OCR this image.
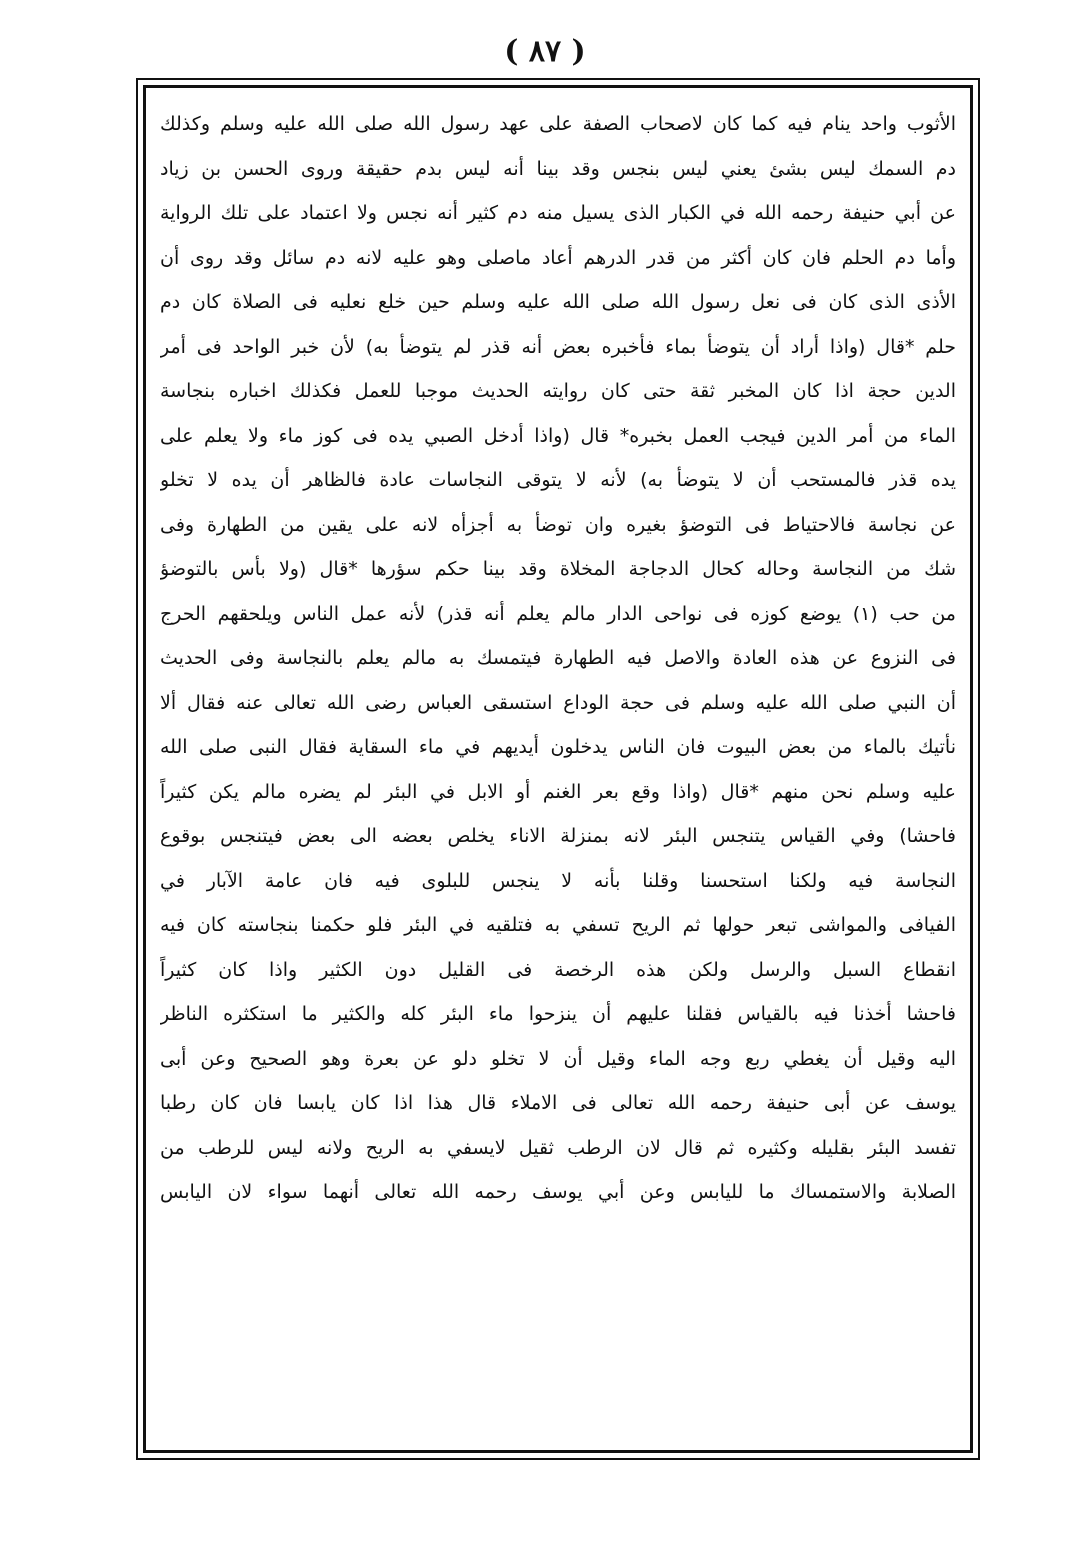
( ٨٧ )
الأثوب واحد ينام فيه كما كان لاصحاب الصفة على عهد رسول الله صلى الله عليه وسلم وكذلك
دم السمك ليس بشئ يعني ليس بنجس وقد بينا أنه ليس بدم حقيقة وروى الحسن بن زياد
عن أبي حنيفة رحمه الله في الكبار الذى يسيل منه دم كثير أنه نجس ولا اعتماد على تلك الرواية
وأما دم الحلم فان كان أكثر من قدر الدرهم أعاد ماصلى وهو عليه لانه دم سائل وقد روى أن
الأذى الذى كان فى نعل رسول الله صلى الله عليه وسلم حين خلع نعليه فى الصلاة كان دم
حلم *قال (واذا أراد أن يتوضأ بماء فأخبره بعض أنه قذر لم يتوضأ به) لأن خبر الواحد فى أمر
الدين حجة اذا كان المخبر ثقة حتى كان روايته الحديث موجبا للعمل فكذلك اخباره بنجاسة
الماء من أمر الدين فيجب العمل بخبره* قال (واذا أدخل الصبي يده فى كوز ماء ولا يعلم على
يده قذر فالمستحب أن لا يتوضأ به) لأنه لا يتوقى النجاسات عادة فالظاهر أن يده لا تخلو
عن نجاسة فالاحتياط فى التوضؤ بغيره وان توضأ به أجزأه لانه على يقين من الطهارة وفى
شك من النجاسة وحاله كحال الدجاجة المخلاة وقد بينا حكم سؤرها *قال (ولا بأس بالتوضؤ
من حب (١) يوضع كوزه فى نواحى الدار مالم يعلم أنه قذر) لأنه عمل الناس ويلحقهم الحرج
فى النزوع عن هذه العادة والاصل فيه الطهارة فيتمسك به مالم يعلم بالنجاسة وفى الحديث
أن النبي صلى الله عليه وسلم فى حجة الوداع استسقى العباس رضى الله تعالى عنه فقال ألا
نأتيك بالماء من بعض البيوت فان الناس يدخلون أيديهم في ماء السقاية فقال النبى صلى الله
عليه وسلم نحن منهم *قال (واذا وقع بعر الغنم أو الابل في البئر لم يضره مالم يكن كثيراً
فاحشا) وفي القياس يتنجس البئر لانه بمنزلة الاناء يخلص بعضه الى بعض فيتنجس بوقوع
النجاسة فيه ولكنا استحسنا وقلنا بأنه لا ينجس للبلوى فيه فان عامة الآبار في
الفيافى والمواشى تبعر حولها ثم الريح تسفي به فتلقيه في البئر فلو حكمنا بنجاسته كان فيه
انقطاع السبل والرسل ولكن هذه الرخصة فى القليل دون الكثير واذا كان كثيراً
فاحشا أخذنا فيه بالقياس فقلنا عليهم أن ينزحوا ماء البئر كله والكثير ما استكثره الناظر
اليه وقيل أن يغطي ربع وجه الماء وقيل أن لا تخلو دلو عن بعرة وهو الصحيح وعن أبى
يوسف عن أبى حنيفة رحمه الله تعالى فى الاملاء قال هذا اذا كان يابسا فان كان رطبا
تفسد البئر بقليله وكثيره ثم قال لان الرطب ثقيل لايسفي به الريح ولانه ليس للرطب من
الصلابة والاستمساك ما لليابس وعن أبي يوسف رحمه الله تعالى أنهما سواء لان اليابس
